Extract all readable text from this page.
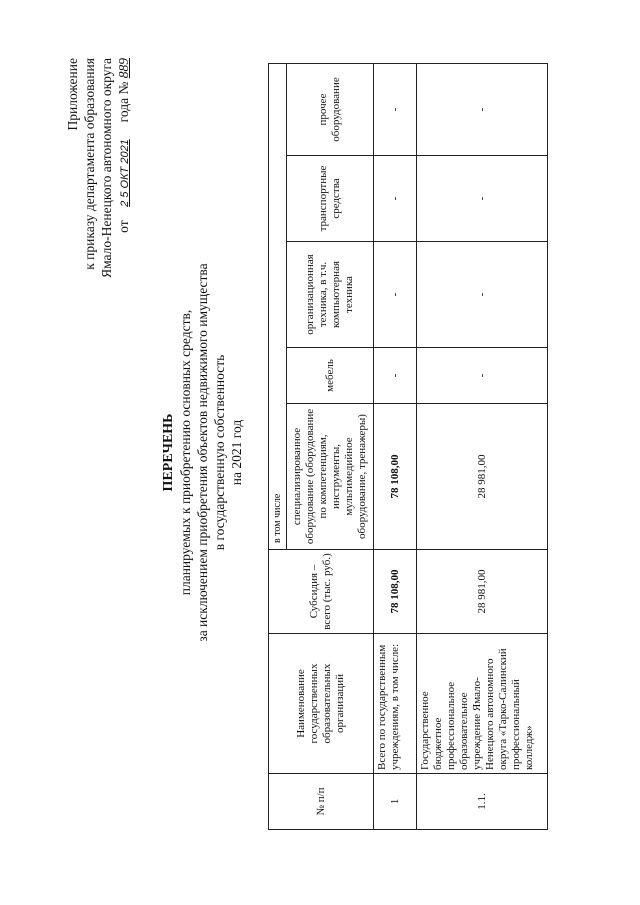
Приложение к приказу департамента образования Ямало-Ненецкого автономного округа от    2 5 ОКТ 2021     года № 889
ПЕРЕЧЕНЬ планируемых к приобретению основных средств, за исключением приобретения объектов недвижимого имущества в государственную собственность на 2021 год
№ п/п	Наименование государственных образовательных организаций	Субсидия – всего (тыс. руб.)	в том числе				
			специализированное оборудование (оборудование по компетенциям, инструменты, мультимедийное оборудование, тренажеры)	мебель	организационная техника, в т.ч. компьютерная техника	транспортные средства	прочее оборудование
1	Всего по государственным учреждениям, в том числе:	78 108,00	78 108,00	-	-	-	-
1.1.	Государственное бюджетное профессиональное образовательное учреждение Ямало-Ненецкого автономного округа «Тарко-Салинский профессиональный колледж»	28 981,00	28 981,00	-	-	-	-
